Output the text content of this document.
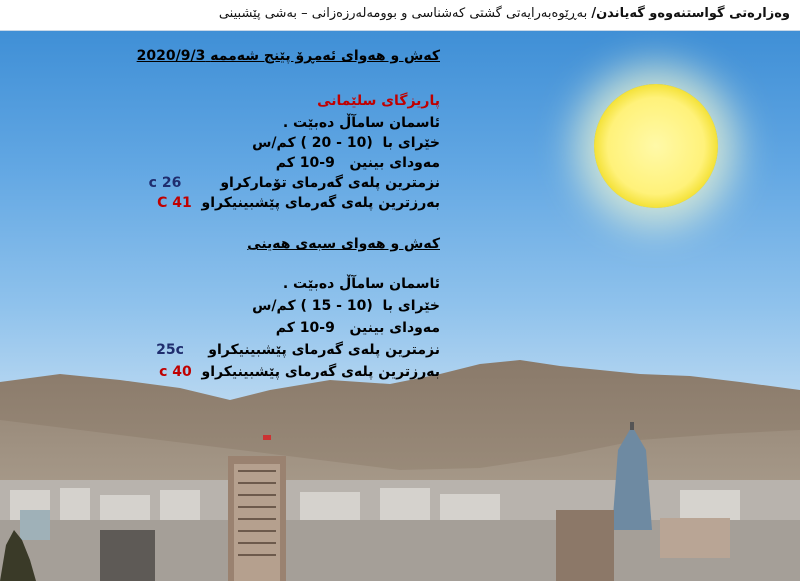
وەزارەتی گواستنەوەو گەیاندن/ بەڕێوەبەرایەتی گشتی کەشناسی و بوومەلەرزەزانی – بەشی پێشبینی
کەش و هەوای ئەمڕۆ پێنج شەممە 2020/9/3
پاریزگای سلێمانی
ئاسمان سامآڵ دەبێت .
خێرای با  (10 - 20 ) کم/س
مەودای بینین   9-10 کم
نزمترین پلەی گەرمای تۆمارکراو        26 c
بەرزترین پلەی گەرمای پێشبینیکراو  41 C
کەش و هەوای سبەی هەینی
ئاسمان سامآڵ دەبێت .
خێرای با  (10 - 15 ) کم/س
مەودای بینین   9-10 کم
نزمترین پلەی گەرمای پێشبینیکراو     25c
بەرزترین پلەی گەرمای پێشبینیکراو  40 c
